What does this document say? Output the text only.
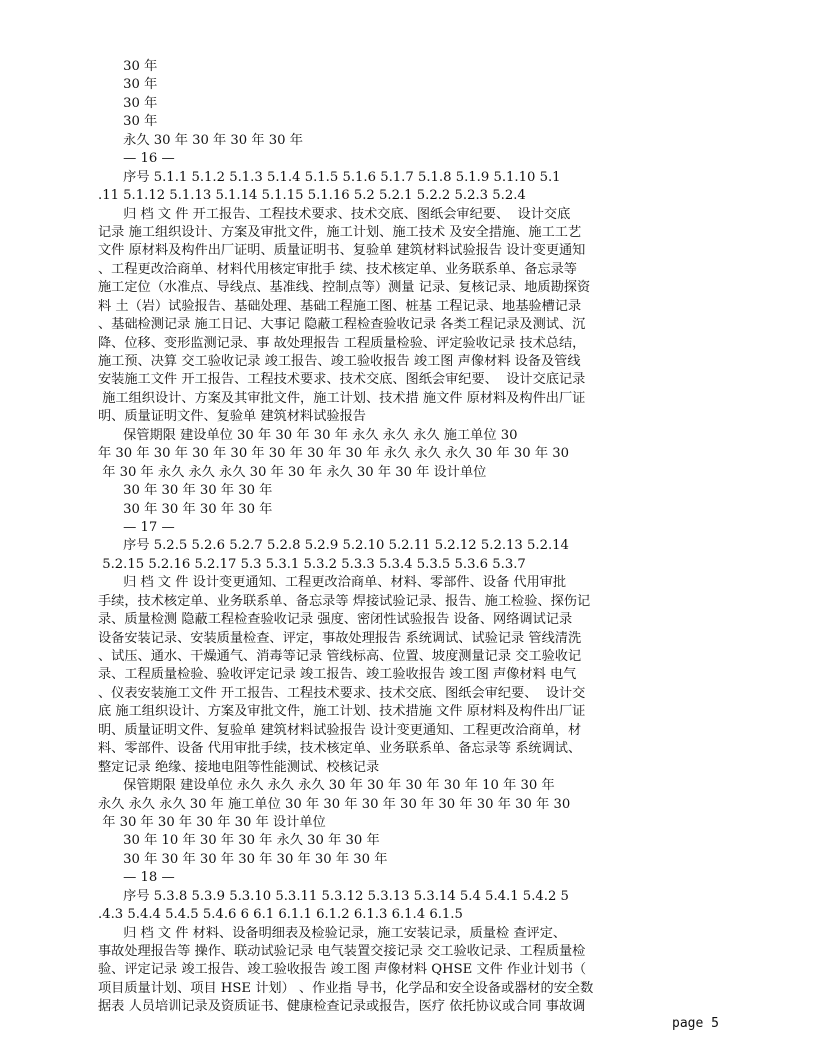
30 年
30 年
30 年
30 年
永久 30 年 30 年 30 年 30 年
— 16 —
序号 5.1.1 5.1.2 5.1.3 5.1.4 5.1.5 5.1.6 5.1.7 5.1.8 5.1.9 5.1.10 5.1
.11 5.1.12 5.1.13 5.1.14 5.1.15 5.1.16 5.2 5.2.1 5.2.2 5.2.3 5.2.4
归 档 文 件 开工报告、工程技术要求、技术交底、图纸会审纪要、  设计交底
记录 施工组织设计、方案及审批文件，施工计划、施工技术 及安全措施、施工工艺
文件 原材料及构件出厂证明、质量证明书、复验单 建筑材料试验报告 设计变更通知
、工程更改洽商单、材料代用核定审批手 续、技术核定单、业务联系单、备忘录等
施工定位（水准点、导线点、基准线、控制点等）测量 记录、复核记录、地质勘探资
料 土（岩）试验报告、基础处理、基础工程施工图、桩基 工程记录、地基验槽记录
、基础检测记录 施工日记、大事记 隐蔽工程检查验收记录 各类工程记录及测试、沉
降、位移、变形监测记录、事 故处理报告 工程质量检验、评定验收记录 技术总结，
施工预、决算 交工验收记录 竣工报告、竣工验收报告 竣工图 声像材料 设备及管线
安装施工文件 开工报告、工程技术要求、技术交底、图纸会审纪要、  设计交底记录
施工组织设计、方案及其审批文件，施工计划、技术措 施文件 原材料及构件出厂证
明、质量证明文件、复验单 建筑材料试验报告
保管期限 建设单位 30 年 30 年 30 年 永久 永久 永久 施工单位 30
年 30 年 30 年 30 年 30 年 30 年 30 年 30 年 永久 永久 永久 30 年 30 年 30
年 30 年 永久 永久 永久 30 年 30 年 永久 30 年 30 年 设计单位
30 年 30 年 30 年 30 年
30 年 30 年 30 年 30 年
— 17 —
序号 5.2.5 5.2.6 5.2.7 5.2.8 5.2.9 5.2.10 5.2.11 5.2.12 5.2.13 5.2.14
5.2.15 5.2.16 5.2.17 5.3 5.3.1 5.3.2 5.3.3 5.3.4 5.3.5 5.3.6 5.3.7
归 档 文 件 设计变更通知、工程更改洽商单、材料、零部件、设备 代用审批
手续，技术核定单、业务联系单、备忘录等 焊接试验记录、报告、施工检验、探伤记
录、质量检测 隐蔽工程检查验收记录 强度、密闭性试验报告 设备、网络调试记录
设备安装记录、安装质量检查、评定，事故处理报告 系统调试、试验记录 管线清洗
、试压、通水、干燥通气、消毒等记录 管线标高、位置、坡度测量记录 交工验收记
录、工程质量检验、验收评定记录 竣工报告、竣工验收报告 竣工图 声像材料 电气
、仪表安装施工文件 开工报告、工程技术要求、技术交底、图纸会审纪要、  设计交
底 施工组织设计、方案及审批文件，施工计划、技术措施 文件 原材料及构件出厂证
明、质量证明文件、复验单 建筑材料试验报告 设计变更通知、工程更改洽商单，材
料、零部件、设备 代用审批手续，技术核定单、业务联系单、备忘录等 系统调试、
整定记录 绝缘、接地电阻等性能测试、校核记录
保管期限 建设单位 永久 永久 永久 30 年 30 年 30 年 30 年 10 年 30 年
永久 永久 永久 30 年 施工单位 30 年 30 年 30 年 30 年 30 年 30 年 30 年 30
年 30 年 30 年 30 年 30 年 设计单位
30 年 10 年 30 年 30 年 永久 30 年 30 年
30 年 30 年 30 年 30 年 30 年 30 年 30 年
— 18 —
序号 5.3.8 5.3.9 5.3.10 5.3.11 5.3.12 5.3.13 5.3.14 5.4 5.4.1 5.4.2 5
.4.3 5.4.4 5.4.5 5.4.6 6 6.1 6.1.1 6.1.2 6.1.3 6.1.4 6.1.5
归 档 文 件 材料、设备明细表及检验记录，施工安装记录，质量检 查评定、
事故处理报告等 操作、联动试验记录 电气装置交接记录 交工验收记录、工程质量检
验、评定记录 竣工报告、竣工验收报告 竣工图 声像材料 QHSE 文件 作业计划书（
项目质量计划、项目 HSE 计划） 、作业指 导书，化学品和安全设备或器材的安全数
据表 人员培训记录及资质证书、健康检查记录或报告，医疗 依托协议或合同 事故调
page 5
